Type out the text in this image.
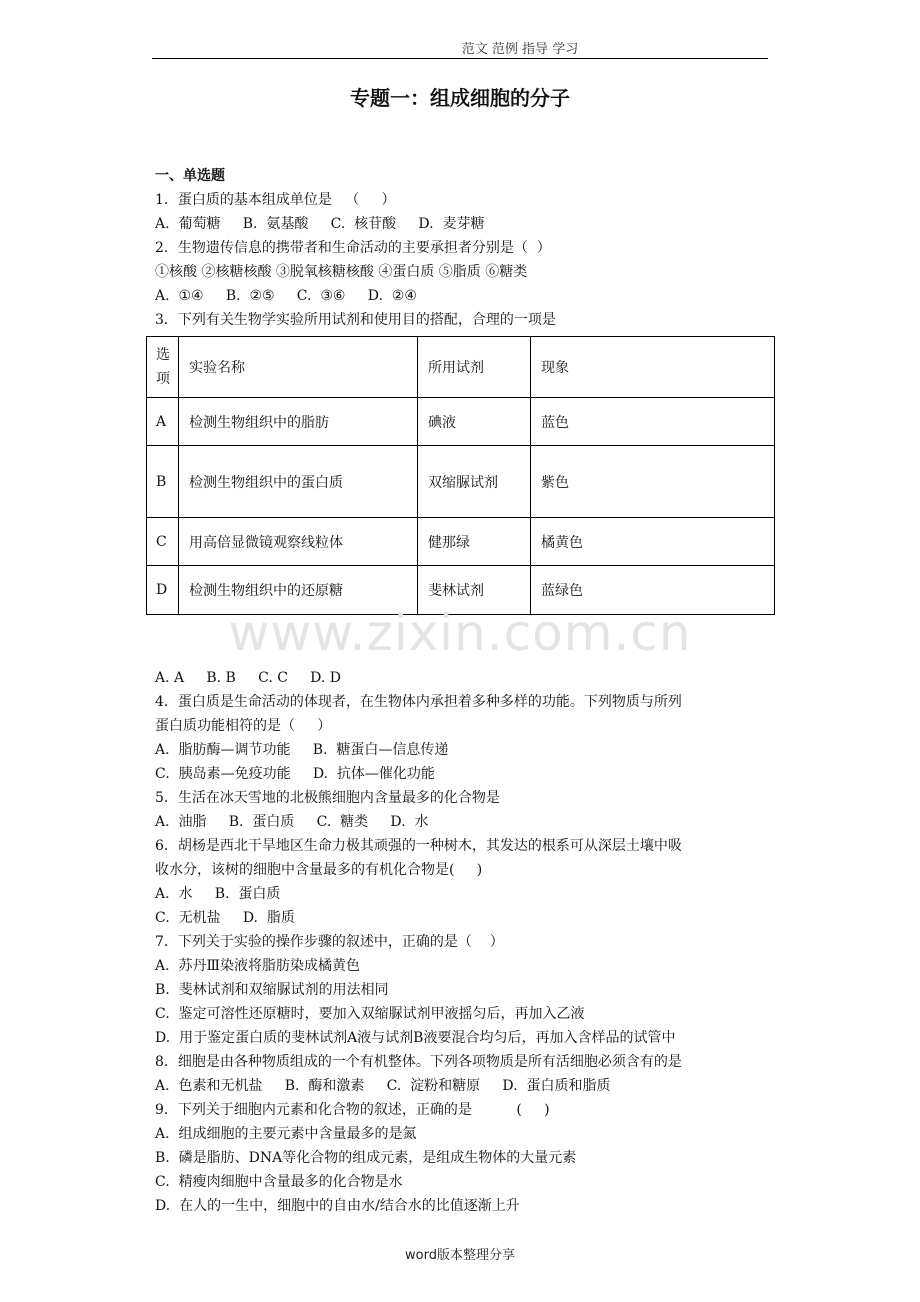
范文 范例 指导 学习
专题一：组成细胞的分子
一、单选题
1．蛋白质的基本组成单位是   （     ）
A.  葡萄糖     B.  氨基酸     C.  核苷酸     D.  麦芽糖
2．生物遗传信息的携带者和生命活动的主要承担者分别是（  ）
①核酸 ②核糖核酸 ③脱氧核糖核酸 ④蛋白质 ⑤脂质 ⑥糖类
A.  ①④     B.  ②⑤     C.  ③⑥     D.  ②④
3．下列有关生物学实验所用试剂和使用目的搭配，合理的一项是
选项	实验名称	所用试剂	现象
A	检测生物组织中的脂肪	碘液	蓝色
B	检测生物组织中的蛋白质	双缩脲试剂	紫色
C	用高倍显微镜观察线粒体	健那绿	橘黄色
D	检测生物组织中的还原糖	斐林试剂	蓝绿色
www.zixin.com.cn
A. A     B. B     C. C     D. D
4．蛋白质是生命活动的体现者，在生物体内承担着多种多样的功能。下列物质与所列
蛋白质功能相符的是（     ）
A.  脂肪酶—调节功能     B.  糖蛋白—信息传递
C.  胰岛素—免疫功能     D.  抗体—催化功能
5．生活在冰天雪地的北极熊细胞内含量最多的化合物是
A.  油脂     B.  蛋白质     C.  糖类     D.  水
6．胡杨是西北干旱地区生命力极其顽强的一种树木，其发达的根系可从深层土壤中吸
收水分，该树的细胞中含量最多的有机化合物是(     )
A.  水     B.  蛋白质
C.  无机盐     D.  脂质
7．下列关于实验的操作步骤的叙述中，正确的是（    ）
A.  苏丹Ⅲ染液将脂肪染成橘黄色
B.  斐林试剂和双缩脲试剂的用法相同
C.  鉴定可溶性还原糖时，要加入双缩脲试剂甲液摇匀后，再加入乙液
D.  用于鉴定蛋白质的斐林试剂A液与试剂B液要混合均匀后，再加入含样品的试管中
8．细胞是由各种物质组成的一个有机整体。下列各项物质是所有活细胞必须含有的是
A.  色素和无机盐     B.  酶和激素     C.  淀粉和糖原     D.  蛋白质和脂质
9．下列关于细胞内元素和化合物的叙述，正确的是          (     )
A.  组成细胞的主要元素中含量最多的是氮
B.  磷是脂肪、DNA等化合物的组成元素，是组成生物体的大量元素
C.  精瘦肉细胞中含量最多的化合物是水
D.  在人的一生中，细胞中的自由水/结合水的比值逐渐上升
word版本整理分享
